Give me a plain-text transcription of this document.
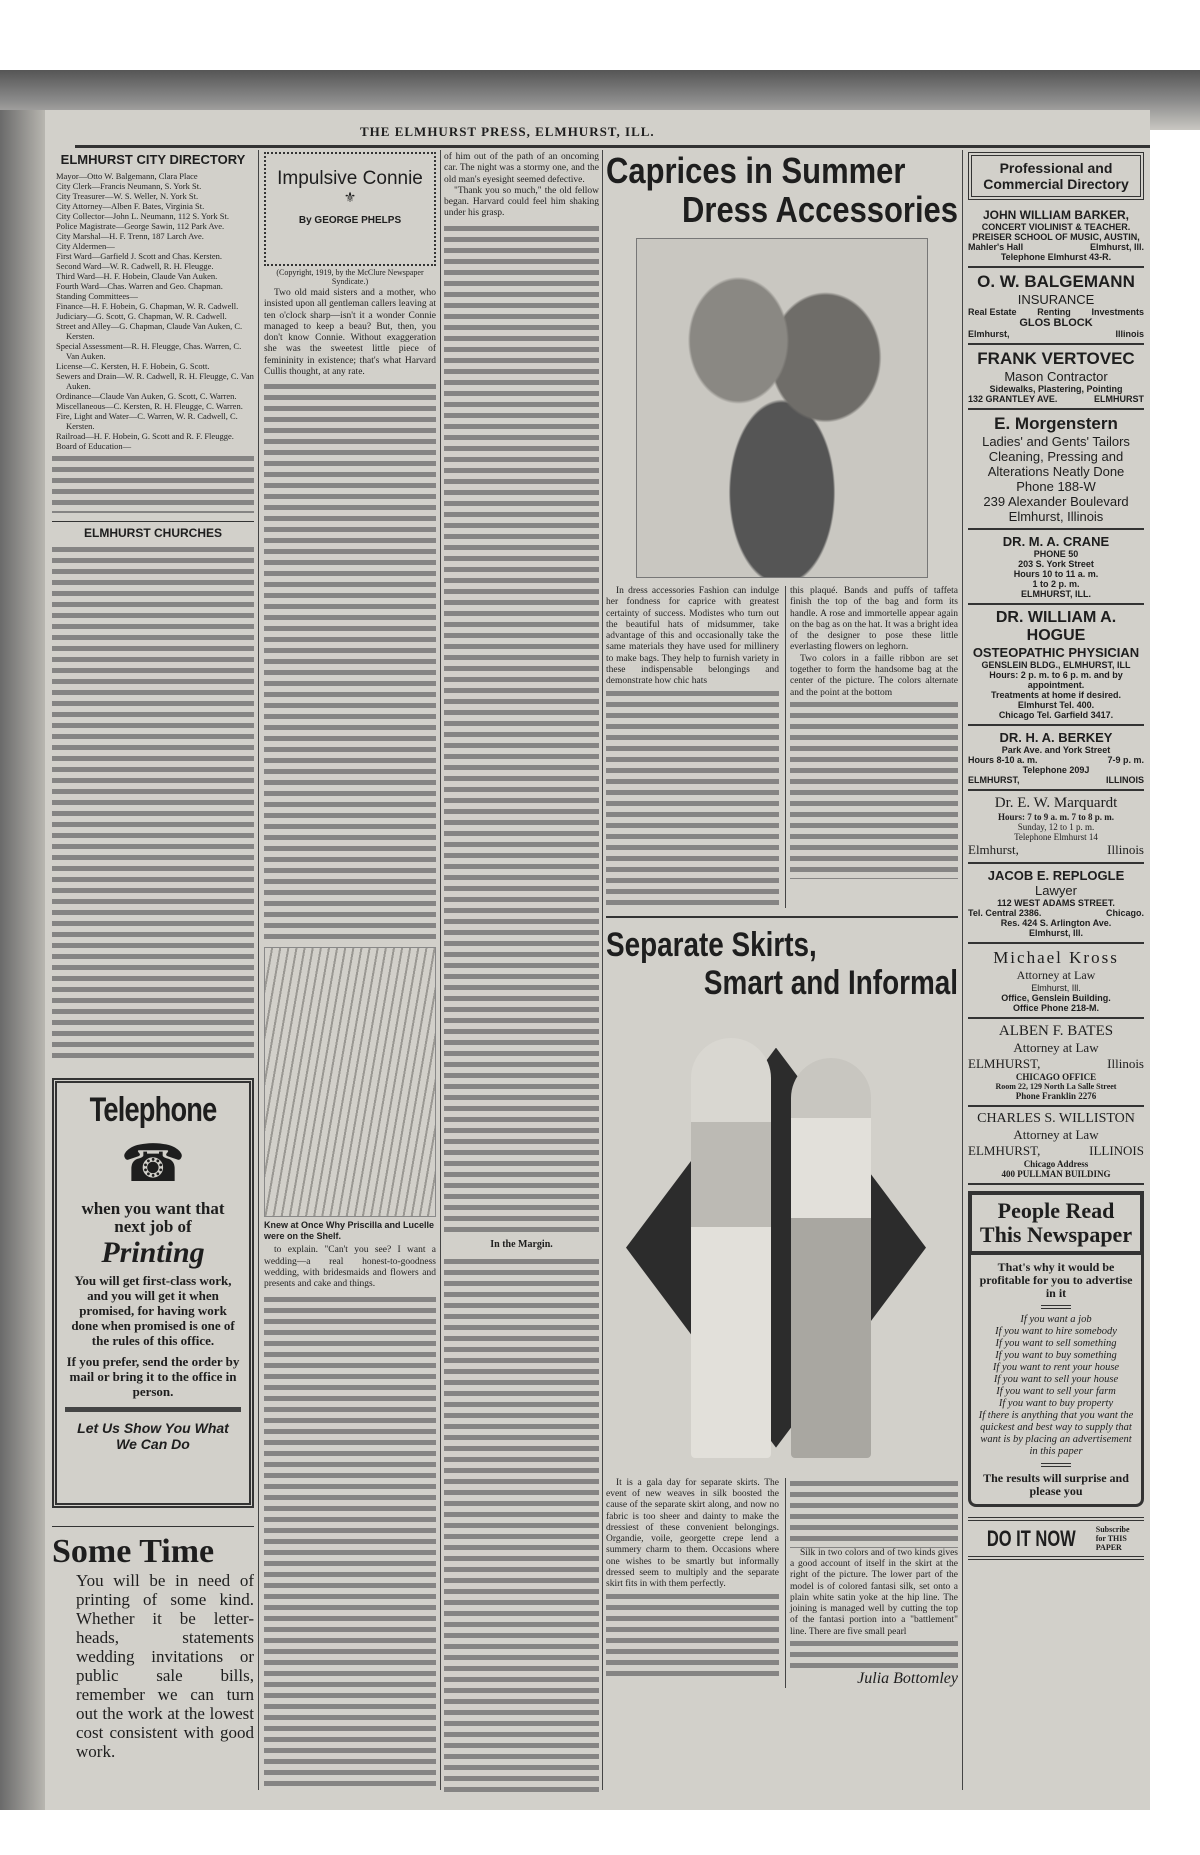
THE ELMHURST PRESS, ELMHURST, ILL.
ELMHURST CITY DIRECTORY

Mayor—Otto W. Balgemann, Clara Place

City Clerk—Francis Neumann, S. York St.

City Treasurer—W. S. Weller, N. York St.

City Attorney—Alben F. Bates, Virginia St.

City Collector—John L. Neumann, 112 S. York St.

Police Magistrate—George Sawin, 112 Park Ave.

City Marshal—H. F. Trenn, 187 Larch Ave.

City Aldermen—

First Ward—Garfield J. Scott and Chas. Kersten.

Second Ward—W. R. Cadwell, R. H. Fleugge.

Third Ward—H. F. Hobein, Claude Van Auken.

Fourth Ward—Chas. Warren and Geo. Chapman.

Standing Committees—

Finance—H. F. Hobein, G. Chapman, W. R. Cadwell.

Judiciary—G. Scott, G. Chapman, W. R. Cadwell.

Street and Alley—G. Chapman, Claude Van Auken, C. Kersten.

Special Assessment—R. H. Fleugge, Chas. Warren, C. Van Auken.

License—C. Kersten, H. F. Hobein, G. Scott.

Sewers and Drain—W. R. Cadwell, R. H. Fleugge, C. Van Auken.

Ordinance—Claude Van Auken, G. Scott, C. Warren.

Miscellaneous—C. Kersten, R. H. Fleugge, C. Warren.

Fire, Light and Water—C. Warren, W. R. Cadwell, C. Kersten.

Railroad—H. F. Hobein, G. Scott and R. F. Fleugge.

Board of Education—

ELMHURST CHURCHES
Telephone
☎
when you want that next job of
Printing
You will get first-class work, and you will get it when promised, for having work done when promised is one of the rules of this office.
If you prefer, send the order by mail or bring it to the office in person.
Let Us Show You What We Can Do
Some Time
You will be in need of printing of some kind. Whether it be letter-heads, statements wedding invitations or public sale bills, remember we can turn out the work at the lowest cost consistent with good work.
Impulsive Connie
⚜
By GEORGE PHELPS
(Copyright, 1919, by the McClure Newspaper Syndicate.)
Two old maid sisters and a mother, who insisted upon all gentleman callers leaving at ten o'clock sharp—isn't it a wonder Connie managed to keep a beau? But, then, you don't know Connie. Without exaggeration she was the sweetest little piece of femininity in existence; that's what Harvard Cullis thought, at any rate.
Knew at Once Why Priscilla and Lucelle were on the Shelf.
to explain. "Can't you see? I want a wedding—a real honest-to-goodness wedding, with bridesmaids and flowers and presents and cake and things.
of him out of the path of an oncoming car. The night was a stormy one, and the old man's eyesight seemed defective.
"Thank you so much," the old fellow began. Harvard could feel him shaking under his grasp.
In the Margin.
Caprices in Summer
Dress Accessories
In dress accessories Fashion can indulge her fondness for caprice with greatest certainty of success. Modistes who turn out the beautiful hats of midsummer, take advantage of this and occasionally take the same materials they have used for millinery to make bags. They help to furnish variety in these indispensable belongings and demonstrate how chic hats
this plaqué. Bands and puffs of taffeta finish the top of the bag and form its handle. A rose and immortelle appear again on the bag as on the hat. It was a bright idea of the designer to pose these little everlasting flowers on leghorn.
Two colors in a faille ribbon are set together to form the handsome bag at the center of the picture. The colors alternate and the point at the bottom
Separate Skirts,
Smart and Informal
It is a gala day for separate skirts. The event of new weaves in silk boosted the cause of the separate skirt along, and now no fabric is too sheer and dainty to make the dressiest of these convenient belongings. Organdie, voile, georgette crepe lend a summery charm to them. Occasions where one wishes to be smartly but informally dressed seem to multiply and the separate skirt fits in with them perfectly.
Silk in two colors and of two kinds gives a good account of itself in the skirt at the right of the picture. The lower part of the model is of colored fantasi silk, set onto a plain white satin yoke at the hip line. The joining is managed well by cutting the top of the fantasi portion into a "battlement" line. There are five small pearl
Julia Bottomley
Professional and Commercial Directory
JOHN WILLIAM BARKER,
CONCERT VIOLINIST & TEACHER.
PREISER SCHOOL OF MUSIC, AUSTIN,
Mahler's Hall	Elmhurst, Ill.
Telephone Elmhurst 43-R.
O. W. BALGEMANN
INSURANCE
Real Estate Renting Investments
GLOS BLOCK
Elmhurst,	Illinois
FRANK VERTOVEC
Mason Contractor
Sidewalks, Plastering, Pointing
132 GRANTLEY AVE.	ELMHURST
E. Morgenstern
Ladies' and Gents' Tailors
Cleaning, Pressing and
Alterations Neatly Done
Phone 188-W
239 Alexander Boulevard
Elmhurst, Illinois
DR. M. A. CRANE
PHONE 50
203 S. York Street
Hours 10 to 11 a. m.
1 to 2 p. m.
ELMHURST, ILL.
DR. WILLIAM A. HOGUE
OSTEOPATHIC PHYSICIAN
GENSLEIN BLDG., ELMHURST, ILL
Hours: 2 p. m. to 6 p. m. and by appointment.
Treatments at home if desired.
Elmhurst Tel. 400.
Chicago Tel. Garfield 3417.
DR. H. A. BERKEY
Park Ave. and York Street
Hours 8-10 a. m.	7-9 p. m.
Telephone 209J
ELMHURST,	ILLINOIS
Dr. E. W. Marquardt
Hours: 7 to 9 a. m. 7 to 8 p. m.
Sunday, 12 to 1 p. m.
Telephone Elmhurst 14
Elmhurst,	Illinois
JACOB E. REPLOGLE
Lawyer
112 WEST ADAMS STREET.
Tel. Central 2386.	Chicago.
Res. 424 S. Arlington Ave.
Elmhurst, Ill.
Michael Kross
Attorney at Law
Elmhurst, Ill.
Office, Genslein Building.
Office Phone 218-M.
ALBEN F. BATES
Attorney at Law
ELMHURST,	Illinois
CHICAGO OFFICE
Room 22, 129 North La Salle Street
Phone Franklin 2276
CHARLES S. WILLISTON
Attorney at Law
ELMHURST,	ILLINOIS
Chicago Address
400 PULLMAN BUILDING
People Read This Newspaper
That's why it would be profitable for you to advertise in it
If you want a job
If you want to hire somebody
If you want to sell something
If you want to buy something
If you want to rent your house
If you want to sell your house
If you want to sell your farm
If you want to buy property
If there is anything that you want the quickest and best way to supply that want is by placing an advertisement in this paper
The results will surprise and please you
DO IT NOW Subscribe for THIS PAPER
